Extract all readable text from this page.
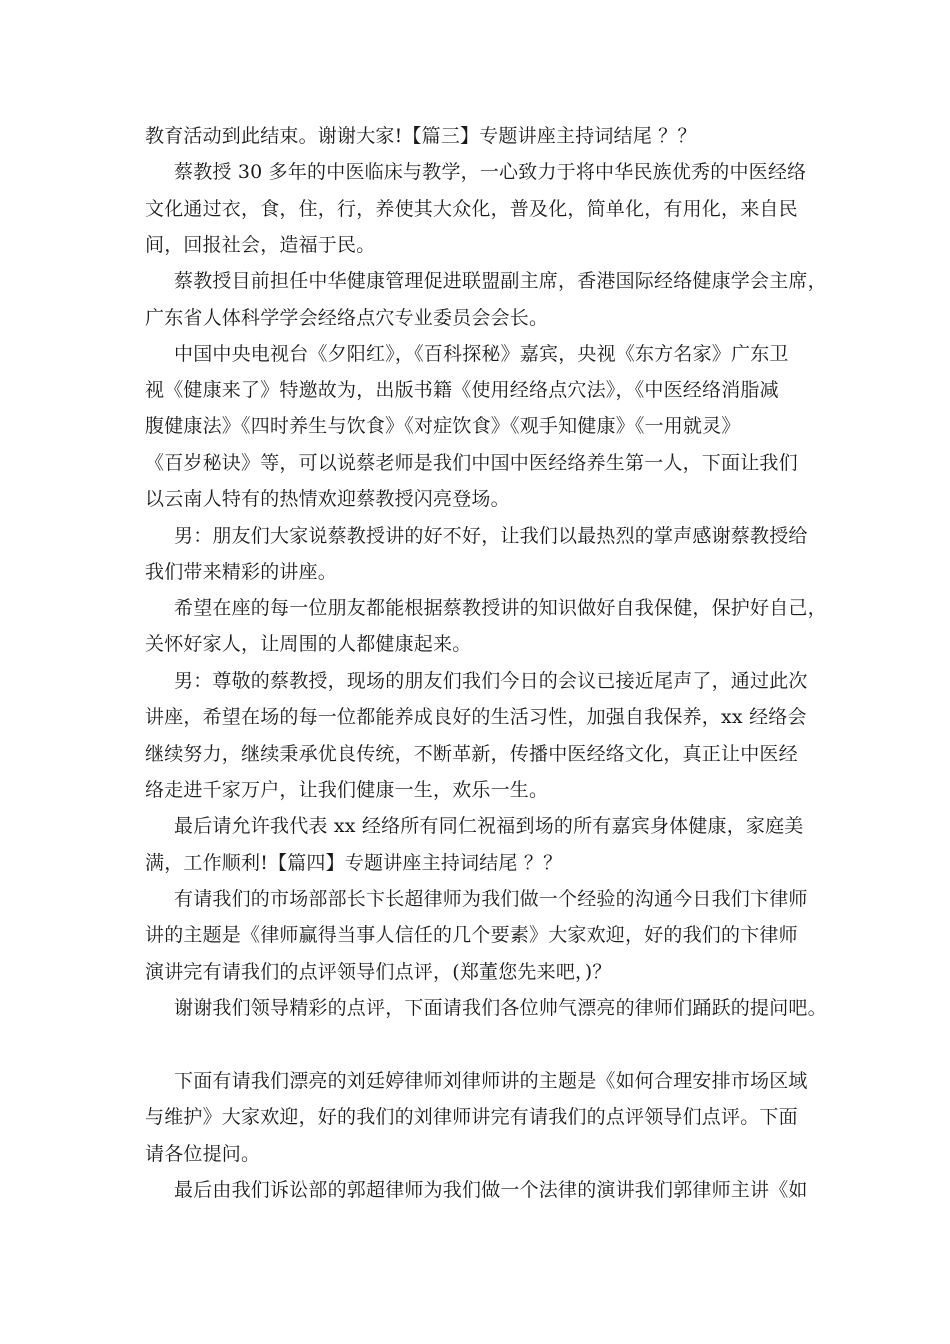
教育活动到此结束。谢谢大家!【篇三】专题讲座主持词结尾 ？？
蔡教授 30 多年的中医临床与教学，一心致力于将中华民族优秀的中医经络
文化通过衣，食，住，行，养使其大众化，普及化，简单化，有用化，来自民
间，回报社会，造福于民。
蔡教授目前担任中华健康管理促进联盟副主席，香港国际经络健康学会主席，
广东省人体科学学会经络点穴专业委员会会长。
中国中央电视台《夕阳红》，《百科探秘》嘉宾，央视《东方名家》广东卫
视《健康来了》特邀故为，出版书籍《使用经络点穴法》，《中医经络消脂减
腹健康法》《四时养生与饮食》《对症饮食》《观手知健康》《一用就灵》
《百岁秘诀》等，可以说蔡老师是我们中国中医经络养生第一人，下面让我们
以云南人特有的热情欢迎蔡教授闪亮登场。
男：朋友们大家说蔡教授讲的好不好，让我们以最热烈的掌声感谢蔡教授给
我们带来精彩的讲座。
希望在座的每一位朋友都能根据蔡教授讲的知识做好自我保健，保护好自己，
关怀好家人，让周围的人都健康起来。
男：尊敬的蔡教授，现场的朋友们我们今日的会议已接近尾声了，通过此次
讲座，希望在场的每一位都能养成良好的生活习性，加强自我保养，xx 经络会
继续努力，继续秉承优良传统，不断革新，传播中医经络文化，真正让中医经
络走进千家万户，让我们健康一生，欢乐一生。
最后请允许我代表 xx 经络所有同仁祝福到场的所有嘉宾身体健康，家庭美
满，工作顺利!【篇四】专题讲座主持词结尾 ？？
有请我们的市场部部长卞长超律师为我们做一个经验的沟通今日我们卞律师
讲的主题是《律师赢得当事人信任的几个要素》大家欢迎，好的我们的卞律师
演讲完有请我们的点评领导们点评，(郑董您先来吧，)？
谢谢我们领导精彩的点评，下面请我们各位帅气漂亮的律师们踊跃的提问吧。
下面有请我们漂亮的刘廷婷律师刘律师讲的主题是《如何合理安排市场区域
与维护》大家欢迎，好的我们的刘律师讲完有请我们的点评领导们点评。下面
请各位提问。
最后由我们诉讼部的郭超律师为我们做一个法律的演讲我们郭律师主讲《如
